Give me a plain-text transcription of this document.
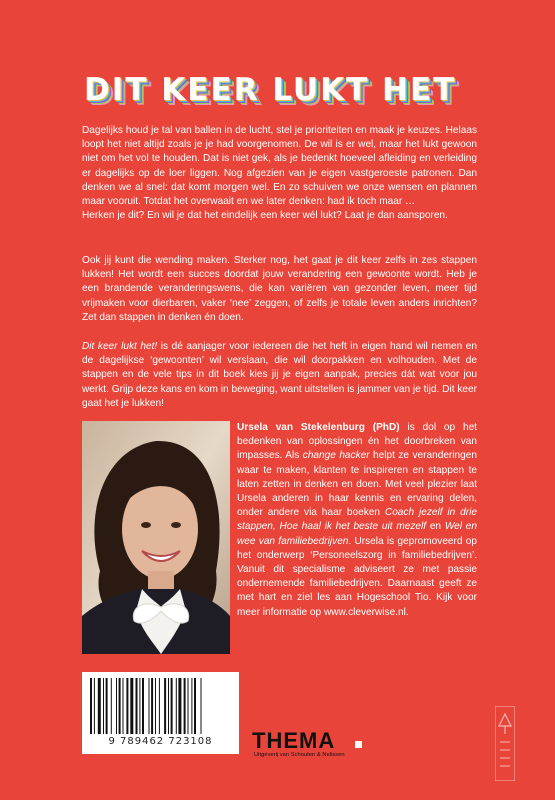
DIT KEER LUKT HET

Dagelijks houd je tal van ballen in de lucht, stel je prioriteiten en maak je keuzes. Helaas loopt het niet altijd zoals je je had voorgenomen. De wil is er wel, maar het lukt gewoon niet om het vol te houden. Dat is niet gek, als je bedenkt hoeveel afleiding en verleiding er dagelijks op de loer liggen. Nog afgezien van je eigen vastgeroeste patronen. Dan denken we al snel: dat komt morgen wel. En zo schuiven we onze wensen en plannen maar vooruit. Totdat het overwaait en we later denken: had ik toch maar …

Herken je dit? En wil je dat het eindelijk een keer wél lukt? Laat je dan aansporen.

Ook jij kunt die wending maken. Sterker nog, het gaat je dit keer zelfs in zes stappen lukken! Het wordt een succes doordat jouw verandering een gewoonte wordt. Heb je een brandende veranderingswens, die kan variëren van gezonder leven, meer tijd vrijmaken voor dierbaren, vaker ‘nee’ zeggen, of zelfs je totale leven anders inrichten? Zet dan stappen in denken én doen.

Dit keer lukt het! is dé aanjager voor iedereen die het heft in eigen hand wil nemen en de dagelijkse ‘gewoonten’ wil verslaan, die wil doorpakken en volhouden. Met de stappen en de vele tips in dit boek kies jij je eigen aanpak, precies dát wat voor jou werkt. Grijp deze kans en kom in beweging, want uitstellen is jammer van je tijd. Dit keer gaat het je lukken!

Ursela van Stekelenburg (PhD) is dol op het bedenken van oplossingen én het doorbreken van impasses. Als change hacker helpt ze veranderingen waar te maken, klanten te inspireren en stappen te laten zetten in denken en doen. Met veel plezier laat Ursela anderen in haar kennis en ervaring delen, onder andere via haar boeken Coach jezelf in drie stappen, Hoe haal ik het beste uit mezelf en Wel en wee van familiebedrijven. Ursela is gepromoveerd op het onderwerp ‘Personeelszorg in familiebedrijven’. Vanuit dit specialisme adviseert ze met passie ondernemende familiebedrijven. Daarnaast geeft ze met hart en ziel les aan Hogeschool Tio. Kijk voor meer informatie op www.cleverwise.nl.
9 789462 723108	THEMA
Uitgeverij van Schouten & Nelissen
